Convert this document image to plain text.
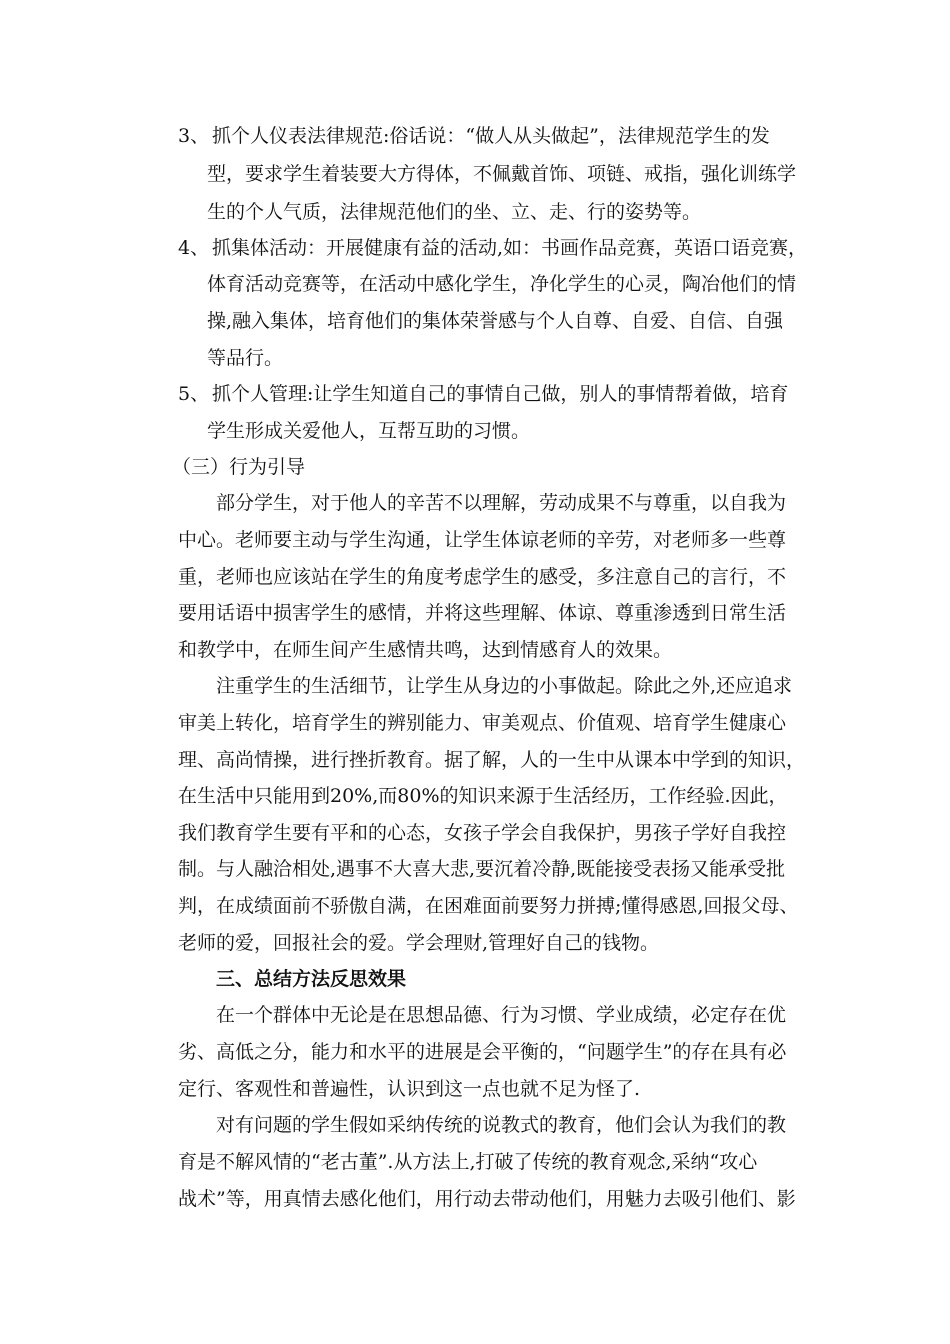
3、 抓个人仪表法律规范:俗话说：“做人从头做起”，法律规范学生的发
型，要求学生着装要大方得体，不佩戴首饰、项链、戒指，强化训练学
生的个人气质，法律规范他们的坐、立、走、行的姿势等。
4、 抓集体活动：开展健康有益的活动,如：书画作品竞赛，英语口语竞赛，
体育活动竞赛等，在活动中感化学生，净化学生的心灵，陶冶他们的情
操,融入集体，培育他们的集体荣誉感与个人自尊、自爱、自信、自强
等品行。
5、 抓个人管理:让学生知道自己的事情自己做，别人的事情帮着做，培育
学生形成关爱他人，互帮互助的习惯。
（三）行为引导
部分学生，对于他人的辛苦不以理解，劳动成果不与尊重，以自我为
中心。老师要主动与学生沟通，让学生体谅老师的辛劳，对老师多一些尊
重，老师也应该站在学生的角度考虑学生的感受，多注意自己的言行，不
要用话语中损害学生的感情，并将这些理解、体谅、尊重渗透到日常生活
和教学中，在师生间产生感情共鸣，达到情感育人的效果。
注重学生的生活细节，让学生从身边的小事做起。除此之外,还应追求
审美上转化，培育学生的辨别能力、审美观点、价值观、培育学生健康心
理、高尚情操，进行挫折教育。据了解，人的一生中从课本中学到的知识，
在生活中只能用到20%,而80%的知识来源于生活经历，工作经验.因此，
我们教育学生要有平和的心态，女孩子学会自我保护，男孩子学好自我控
制。与人融洽相处,遇事不大喜大悲,要沉着冷静,既能接受表扬又能承受批
判，在成绩面前不骄傲自满，在困难面前要努力拼搏;懂得感恩,回报父母、
老师的爱，回报社会的爱。学会理财,管理好自己的钱物。
三、总结方法反思效果
在一个群体中无论是在思想品德、行为习惯、学业成绩，必定存在优
劣、高低之分，能力和水平的进展是会平衡的，“问题学生”的存在具有必
定行、客观性和普遍性，认识到这一点也就不足为怪了.
对有问题的学生假如采纳传统的说教式的教育，他们会认为我们的教
育是不解风情的“老古董”.从方法上,打破了传统的教育观念,采纳“攻心
战术”等，用真情去感化他们，用行动去带动他们，用魅力去吸引他们、影
